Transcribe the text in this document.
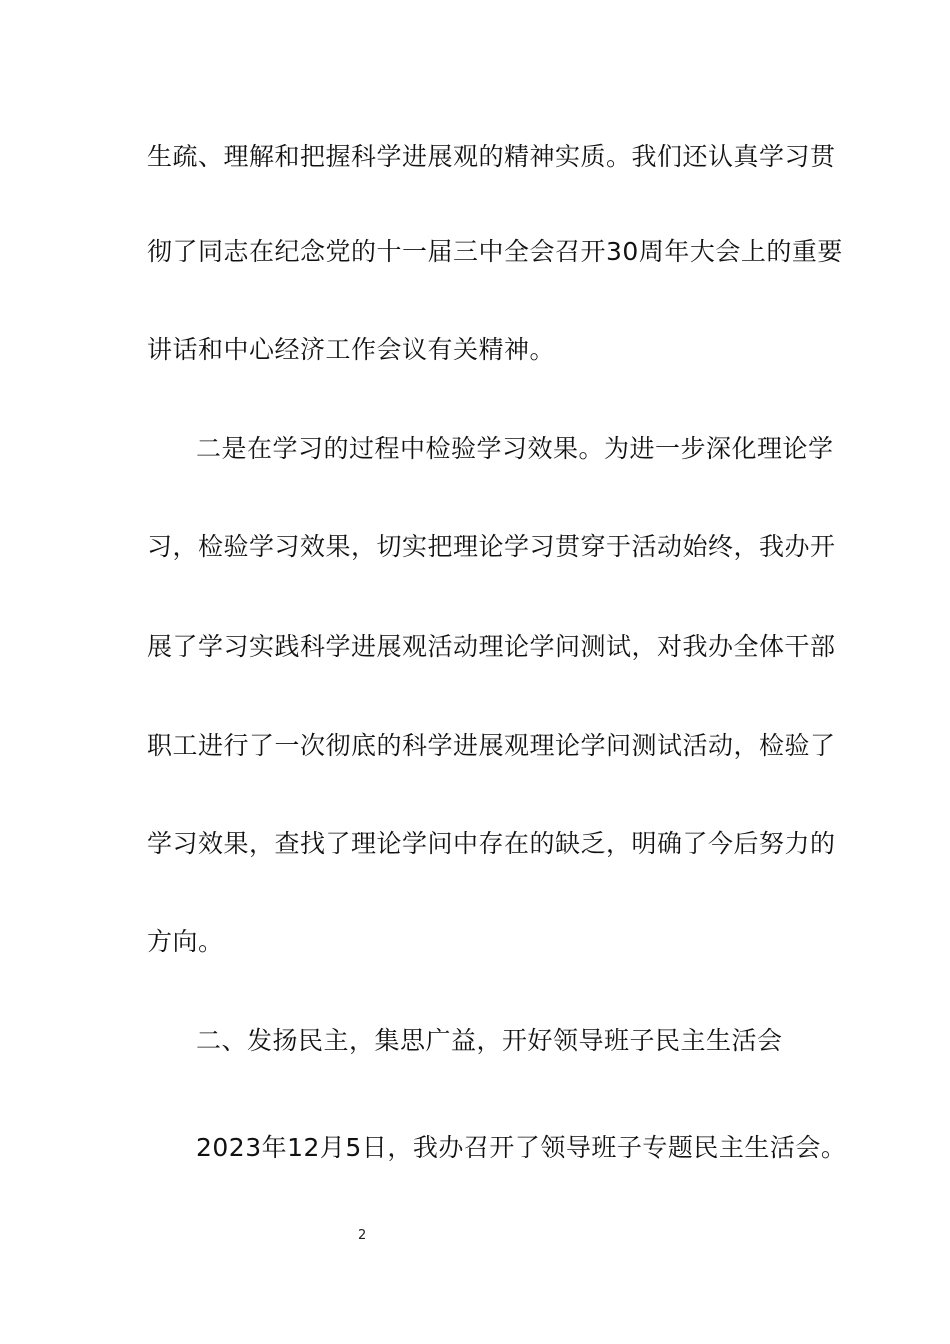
生疏、理解和把握科学进展观的精神实质。我们还认真学习贯
彻了同志在纪念党的十一届三中全会召开30周年大会上的重要
讲话和中心经济工作会议有关精神。
二是在学习的过程中检验学习效果。为进一步深化理论学
习，检验学习效果，切实把理论学习贯穿于活动始终，我办开
展了学习实践科学进展观活动理论学问测试，对我办全体干部
职工进行了一次彻底的科学进展观理论学问测试活动，检验了
学习效果，查找了理论学问中存在的缺乏，明确了今后努力的
方向。
二、发扬民主，集思广益，开好领导班子民主生活会
2023年12月5日，我办召开了领导班子专题民主生活会。
2
